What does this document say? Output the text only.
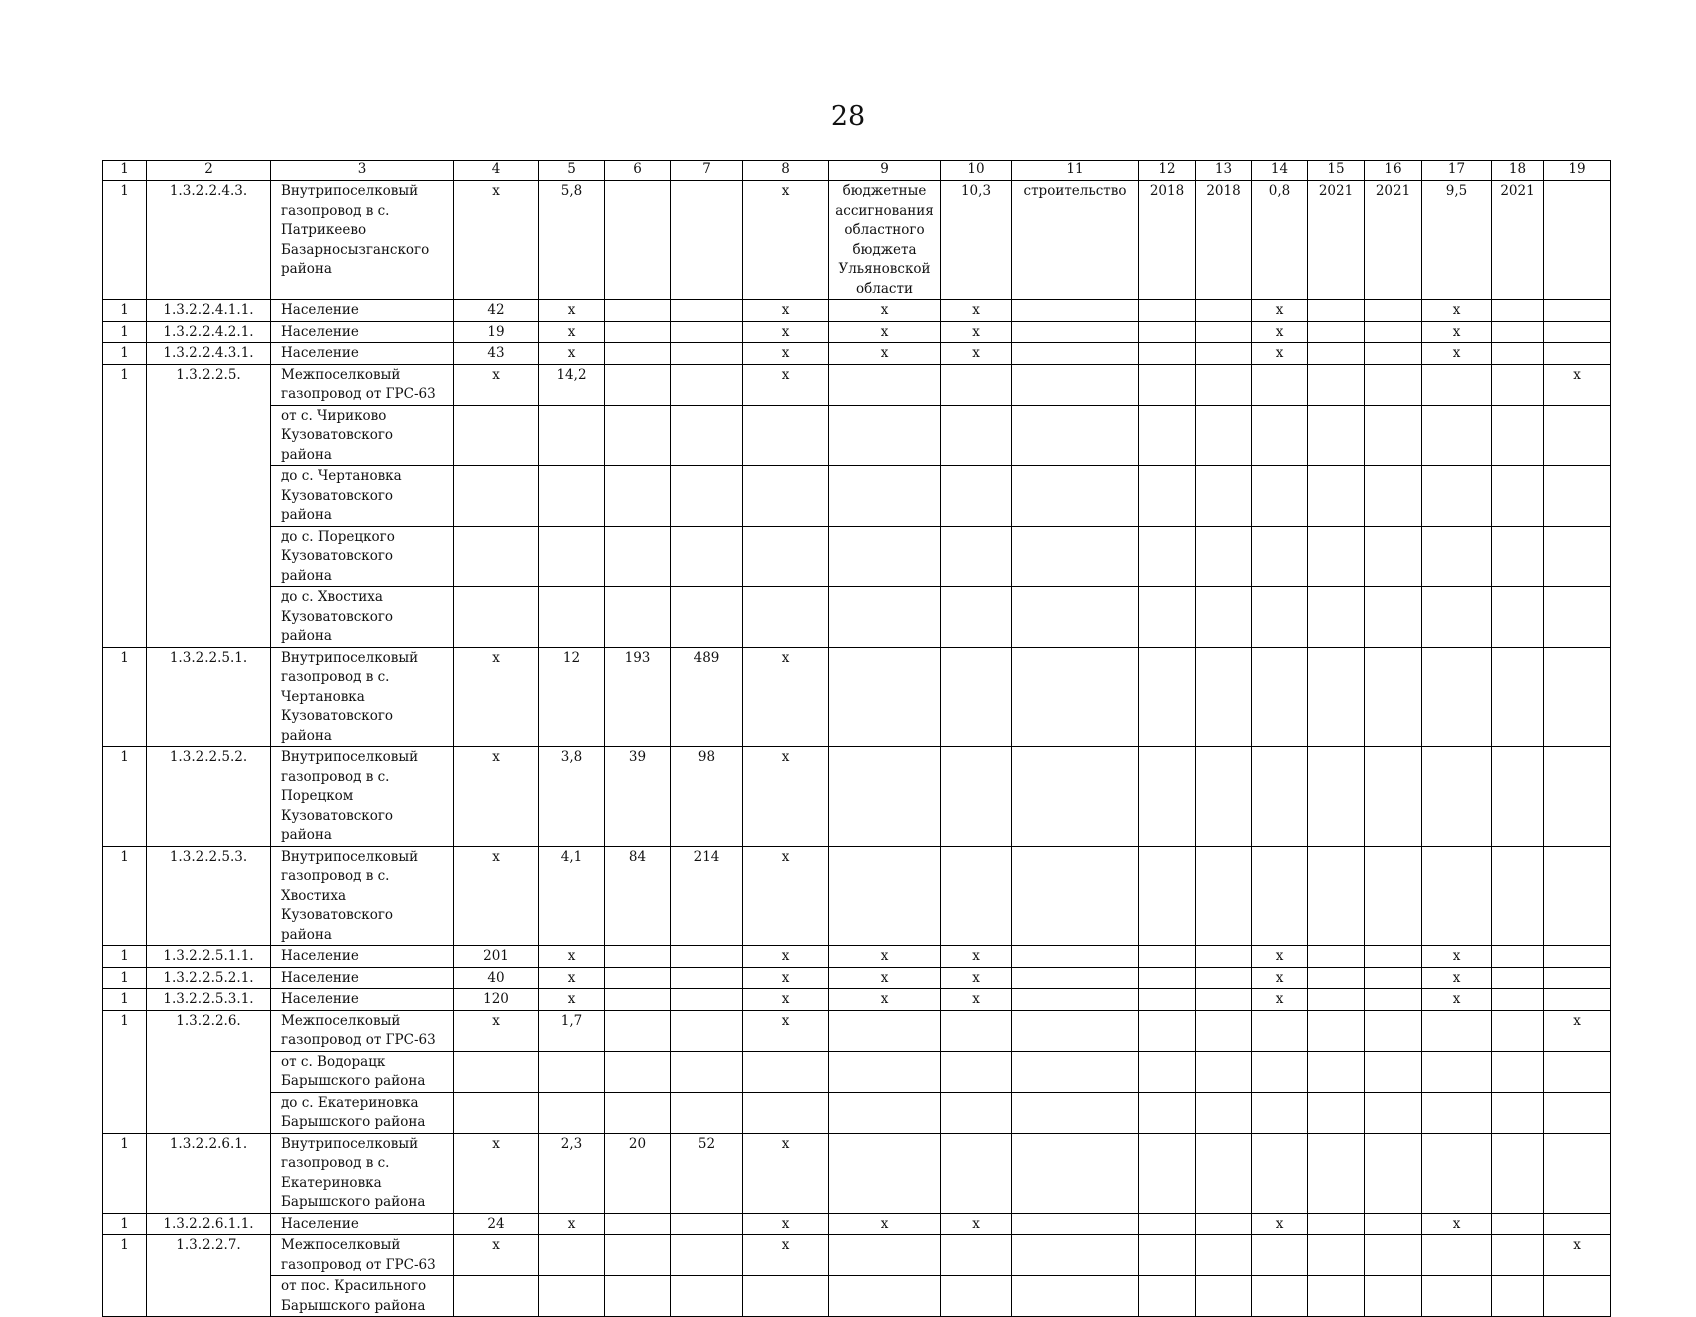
28
1	2	3	4	5	6	7	8	9	10	11	12	13	14	15	16	17	18	19
1	1.3.2.2.4.3.	Внутрипоселковый газопровод в с. Патрикеево Базарносызганского района	х	5,8			х	бюджетные ассигнования областного бюджета Ульяновской области	10,3	строительство	2018	2018	0,8	2021	2021	9,5	2021	
1	1.3.2.2.4.1.1.	Население	42	х			х	х	х				х			х		
1	1.3.2.2.4.2.1.	Население	19	х			х	х	х				х			х		
1	1.3.2.2.4.3.1.	Население	43	х			х	х	х				х			х		
1	1.3.2.2.5.	Межпоселковый газопровод от ГРС-63	х	14,2			х											х
		от с. Чириково Кузоватовского района																
		до с. Чертановка Кузоватовского района																
		до с. Порецкого Кузоватовского района																
		до с. Хвостиха Кузоватовского района																
1	1.3.2.2.5.1.	Внутрипоселковый газопровод в с. Чертановка Кузоватовского района	х	12	193	489	х											
1	1.3.2.2.5.2.	Внутрипоселковый газопровод в с. Порецком Кузоватовского района	х	3,8	39	98	х											
1	1.3.2.2.5.3.	Внутрипоселковый газопровод в с. Хвостиха Кузоватовского района	х	4,1	84	214	х											
1	1.3.2.2.5.1.1.	Население	201	х			х	х	х				х			х		
1	1.3.2.2.5.2.1.	Население	40	х			х	х	х				х			х		
1	1.3.2.2.5.3.1.	Население	120	х			х	х	х				х			х		
1	1.3.2.2.6.	Межпоселковый газопровод от ГРС-63	х	1,7			х											х
		от с. Водорацк Барышского района																
		до с. Екатериновка Барышского района																
1	1.3.2.2.6.1.	Внутрипоселковый газопровод в с. Екатериновка Барышского района	х	2,3	20	52	х											
1	1.3.2.2.6.1.1.	Население	24	х			х	х	х				х			х		
1	1.3.2.2.7.	Межпоселковый газопровод от ГРС-63	х				х											х
		от пос. Красильного Барышского района																
